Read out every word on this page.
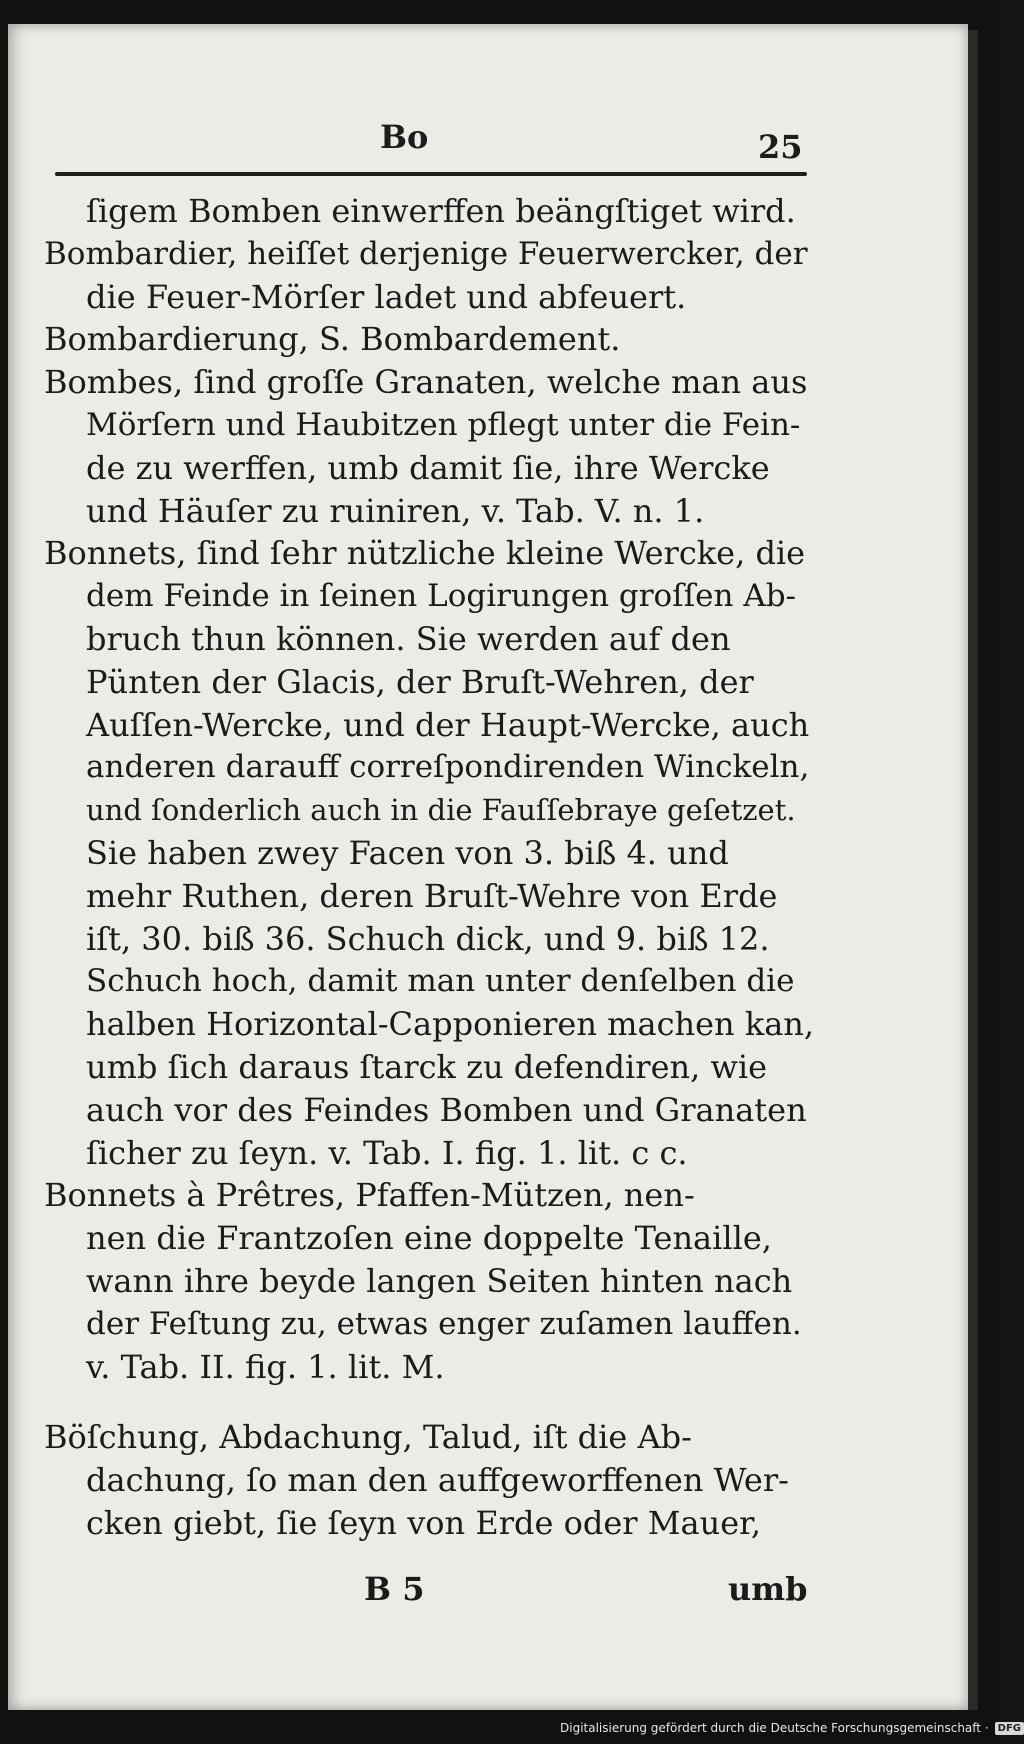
Bo	25
ſigem Bomben einwerffen beängſtiget wird.
Bombardier, heiſſet derjenige Feuerwercker, der
die Feuer-Mörſer ladet und abfeuert.
Bombardierung, S. Bombardement.
Bombes, ſind groſſe Granaten, welche man aus
Mörſern und Haubitzen pflegt unter die Fein-
de zu werffen, umb damit ſie, ihre Wercke
und Häuſer zu ruiniren, v. Tab. V. n. 1.
Bonnets, ſind ſehr nützliche kleine Wercke, die
dem Feinde in ſeinen Logirungen groſſen Ab-
bruch thun können. Sie werden auf den
Pünten der Glacis, der Bruſt-Wehren, der
Auſſen-Wercke, und der Haupt-Wercke, auch
anderen darauff correſpondirenden Winckeln,
und ſonderlich auch in die Fauſſebraye geſetzet.
Sie haben zwey Facen von 3. biß 4. und
mehr Ruthen, deren Bruſt-Wehre von Erde
iſt, 30. biß 36. Schuch dick, und 9. biß 12.
Schuch hoch, damit man unter denſelben die
halben Horizontal-Capponieren machen kan,
umb ſich daraus ſtarck zu defendiren, wie
auch vor des Feindes Bomben und Granaten
ſicher zu ſeyn. v. Tab. I. fig. 1. lit. c c.
Bonnets à Prêtres, Pfaffen-Mützen, nen-
nen die Frantzoſen eine doppelte Tenaille,
wann ihre beyde langen Seiten hinten nach
der Feſtung zu, etwas enger zuſamen lauffen.
v. Tab. II. fig. 1. lit. M.
Böſchung, Abdachung, Talud, iſt die Ab-
dachung, ſo man den auffgeworffenen Wer-
cken giebt, ſie ſeyn von Erde oder Mauer,
B 5	umb
Digitalisierung gefördert durch die Deutsche Forschungsgemeinschaft · DFG
